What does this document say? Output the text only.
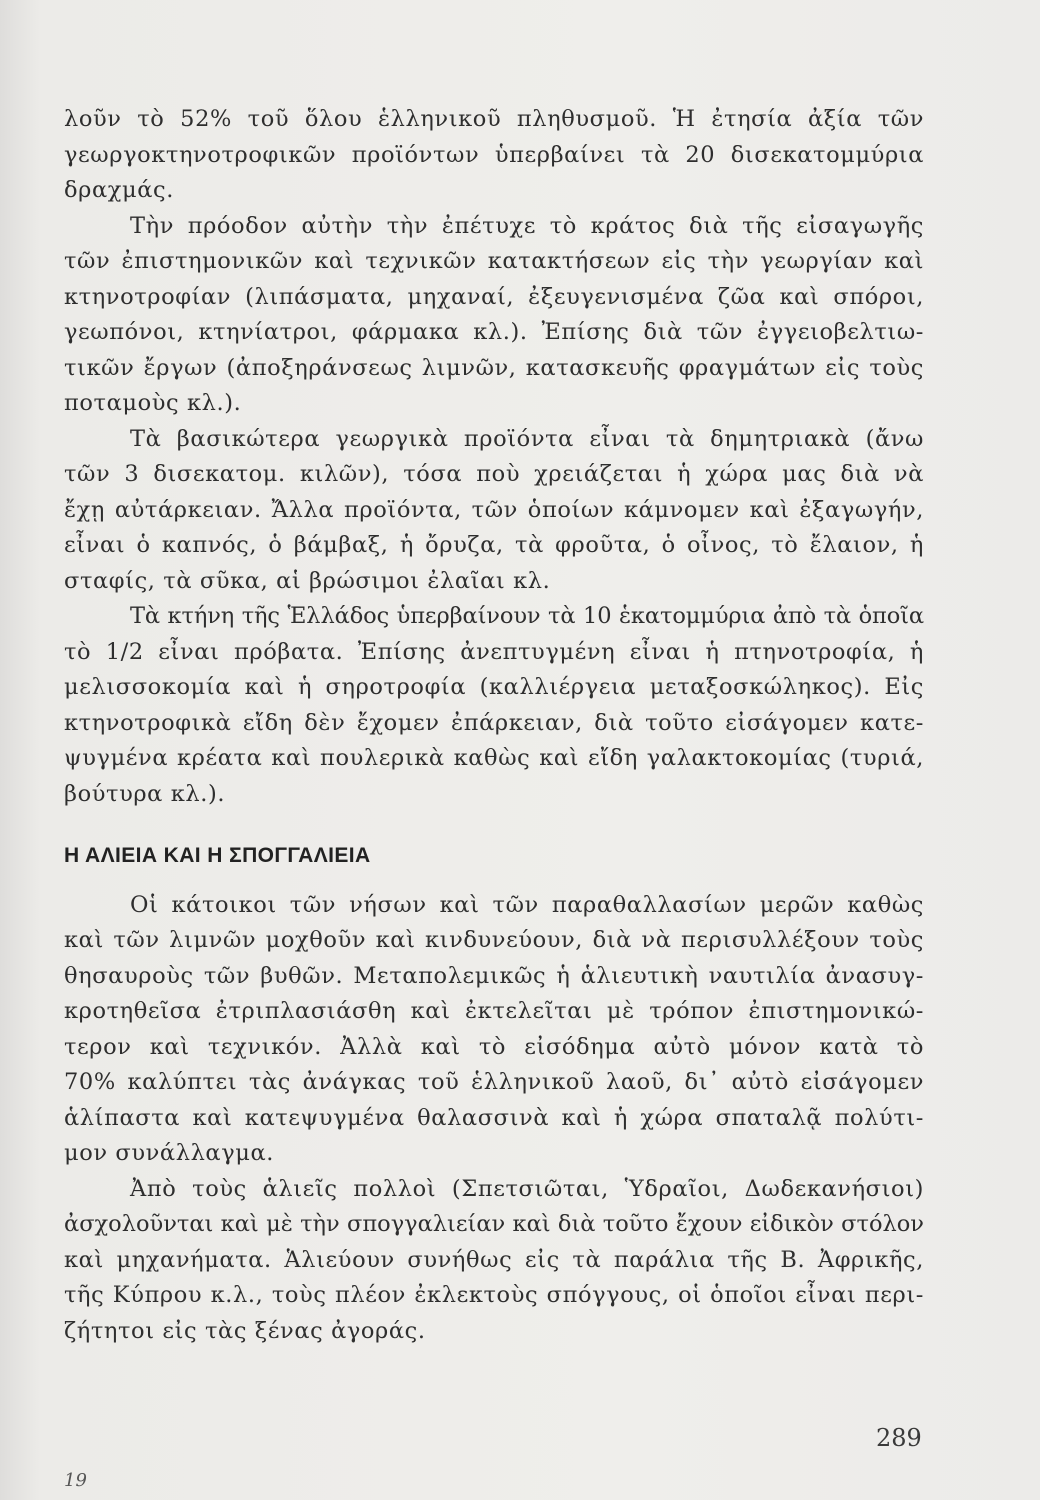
λοῦν τὸ 52% τοῦ ὅλου ἑλληνικοῦ πληθυσμοῦ. Ἡ ἐτησία ἀξία τῶν
γεωργοκτηνοτροφικῶν προϊόντων ὑπερβαίνει τὰ 20 δισεκατομμύρια
δραχμάς.
Τὴν πρόοδον αὐτὴν τὴν ἐπέτυχε τὸ κράτος διὰ τῆς εἰσαγωγῆς
τῶν ἐπιστημονικῶν καὶ τεχνικῶν κατακτήσεων εἰς τὴν γεωργίαν καὶ
κτηνοτροφίαν (λιπάσματα, μηχαναί, ἐξευγενισμένα ζῶα καὶ σπόροι,
γεωπόνοι, κτηνίατροι, φάρμακα κλ.). Ἐπίσης διὰ τῶν ἐγγειοβελτιω-
τικῶν ἔργων (ἀποξηράνσεως λιμνῶν, κατασκευῆς φραγμάτων εἰς τοὺς
ποταμοὺς κλ.).
Τὰ βασικώτερα γεωργικὰ προϊόντα εἶναι τὰ δημητριακὰ (ἄνω
τῶν 3 δισεκατομ. κιλῶν), τόσα ποὺ χρειάζεται ἡ χώρα μας διὰ νὰ
ἔχῃ αὐτάρκειαν. Ἄλλα προϊόντα, τῶν ὁποίων κάμνομεν καὶ ἐξαγωγήν,
εἶναι ὁ καπνός, ὁ βάμβαξ, ἡ ὄρυζα, τὰ φροῦτα, ὁ οἶνος, τὸ ἔλαιον, ἡ
σταφίς, τὰ σῦκα, αἱ βρώσιμοι ἐλαῖαι κλ.
Τὰ κτήνη τῆς Ἑλλάδος ὑπερβαίνουν τὰ 10 ἑκατομμύρια ἀπὸ τὰ ὁποῖα
τὸ 1/2 εἶναι πρόβατα. Ἐπίσης ἀνεπτυγμένη εἶναι ἡ πτηνοτροφία, ἡ
μελισσοκομία καὶ ἡ σηροτροφία (καλλιέργεια μεταξοσκώληκος). Εἰς
κτηνοτροφικὰ εἴδη δὲν ἔχομεν ἐπάρκειαν, διὰ τοῦτο εἰσάγομεν κατε-
ψυγμένα κρέατα καὶ πουλερικὰ καθὼς καὶ εἴδη γαλακτοκομίας (τυριά,
βούτυρα κλ.).
Η ΑΛΙΕΙΑ ΚΑΙ Η ΣΠΟΓΓΑΛΙΕΙΑ
Οἱ κάτοικοι τῶν νήσων καὶ τῶν παραθαλλασίων μερῶν καθὼς
καὶ τῶν λιμνῶν μοχθοῦν καὶ κινδυνεύουν, διὰ νὰ περισυλλέξουν τοὺς
θησαυροὺς τῶν βυθῶν. Μεταπολεμικῶς ἡ ἁλιευτικὴ ναυτιλία ἀνασυγ-
κροτηθεῖσα ἐτριπλασιάσθη καὶ ἐκτελεῖται μὲ τρόπον ἐπιστημονικώ-
τερον καὶ τεχνικόν. Ἀλλὰ καὶ τὸ εἰσόδημα αὐτὸ μόνον κατὰ τὸ
70% καλύπτει τὰς ἀνάγκας τοῦ ἑλληνικοῦ λαοῦ, δι᾽ αὐτὸ εἰσάγομεν
ἁλίπαστα καὶ κατεψυγμένα θαλασσινὰ καὶ ἡ χώρα σπαταλᾷ πολύτι-
μον συνάλλαγμα.
Ἀπὸ τοὺς ἁλιεῖς πολλοὶ (Σπετσιῶται, Ὑδραῖοι, Δωδεκανήσιοι)
ἀσχολοῦνται καὶ μὲ τὴν σπογγαλιείαν καὶ διὰ τοῦτο ἔχουν εἰδικὸν στόλον
καὶ μηχανήματα. Ἁλιεύουν συνήθως εἰς τὰ παράλια τῆς Β. Ἀφρικῆς,
τῆς Κύπρου κ.λ., τοὺς πλέον ἐκλεκτοὺς σπόγγους, οἱ ὁποῖοι εἶναι περι-
ζήτητοι εἰς τὰς ξένας ἀγοράς.
289
19
